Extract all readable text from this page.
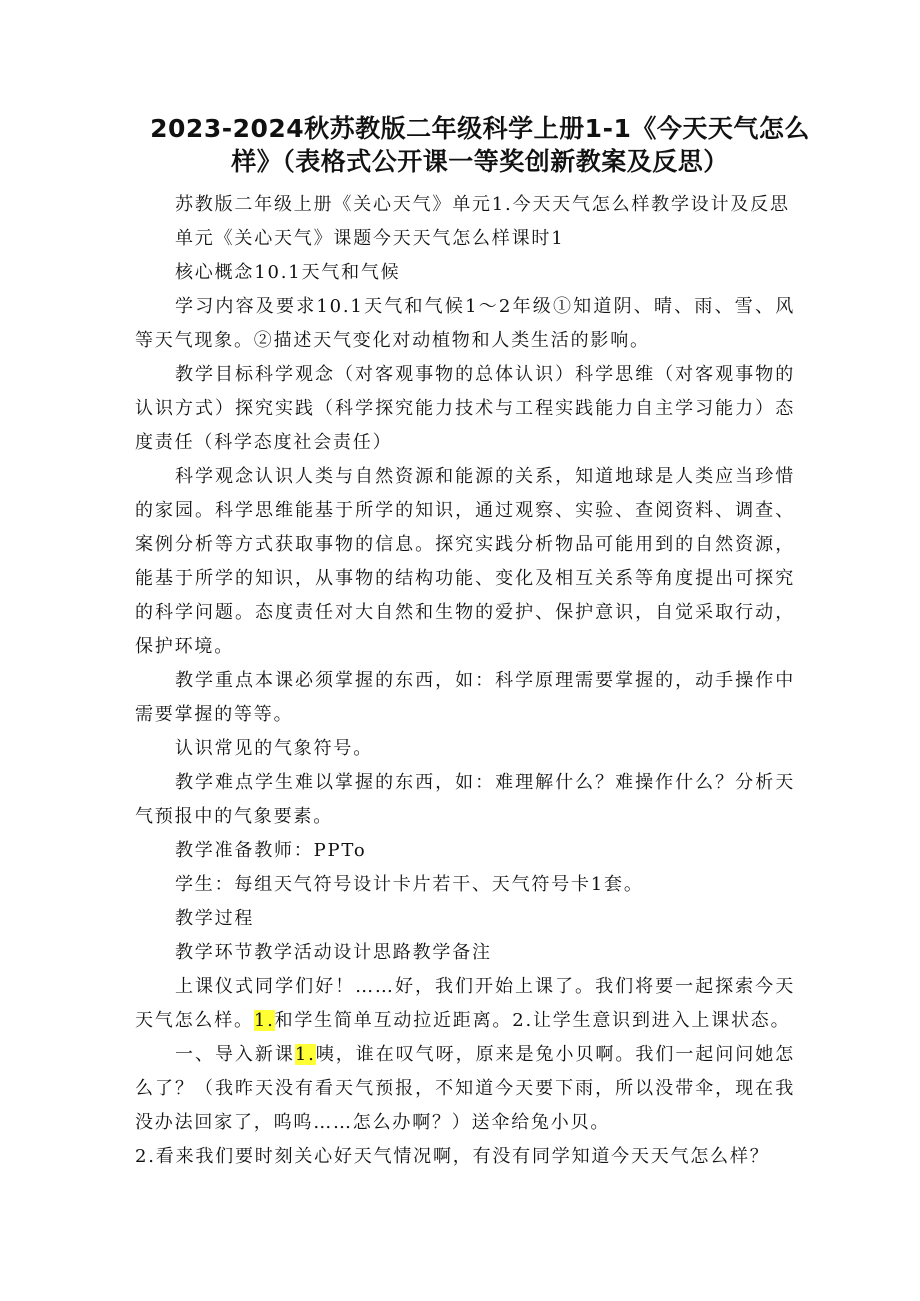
2023-2024秋苏教版二年级科学上册1-1《今天天气怎么样》（表格式公开课一等奖创新教案及反思）

苏教版二年级上册《关心天气》单元1.今天天气怎么样教学设计及反思

单元《关心天气》课题今天天气怎么样课时1

核心概念10.1天气和气候

学习内容及要求10.1天气和气候1～2年级①知道阴、晴、雨、雪、风等天气现象。②描述天气变化对动植物和人类生活的影响。

教学目标科学观念（对客观事物的总体认识）科学思维（对客观事物的认识方式）探究实践（科学探究能力技术与工程实践能力自主学习能力）态度责任（科学态度社会责任）

科学观念认识人类与自然资源和能源的关系，知道地球是人类应当珍惜的家园。科学思维能基于所学的知识，通过观察、实验、查阅资料、调查、案例分析等方式获取事物的信息。探究实践分析物品可能用到的自然资源，能基于所学的知识，从事物的结构功能、变化及相互关系等角度提出可探究的科学问题。态度责任对大自然和生物的爱护、保护意识，自觉采取行动，保护环境。

教学重点本课必须掌握的东西，如：科学原理需要掌握的，动手操作中需要掌握的等等。

认识常见的气象符号。

教学难点学生难以掌握的东西，如：难理解什么？难操作什么？分析天气预报中的气象要素。

教学准备教师：PPTo

学生：每组天气符号设计卡片若干、天气符号卡1套。

教学过程

教学环节教学活动设计思路教学备注

上课仪式同学们好！……好，我们开始上课了。我们将要一起探索今天天气怎么样。1.和学生简单互动拉近距离。2.让学生意识到进入上课状态。

一、导入新课1.咦，谁在叹气呀，原来是兔小贝啊。我们一起问问她怎么了？（我昨天没有看天气预报，不知道今天要下雨，所以没带伞，现在我没办法回家了，呜呜……怎么办啊？）送伞给兔小贝。

2.看来我们要时刻关心好天气情况啊，有没有同学知道今天天气怎么样？
